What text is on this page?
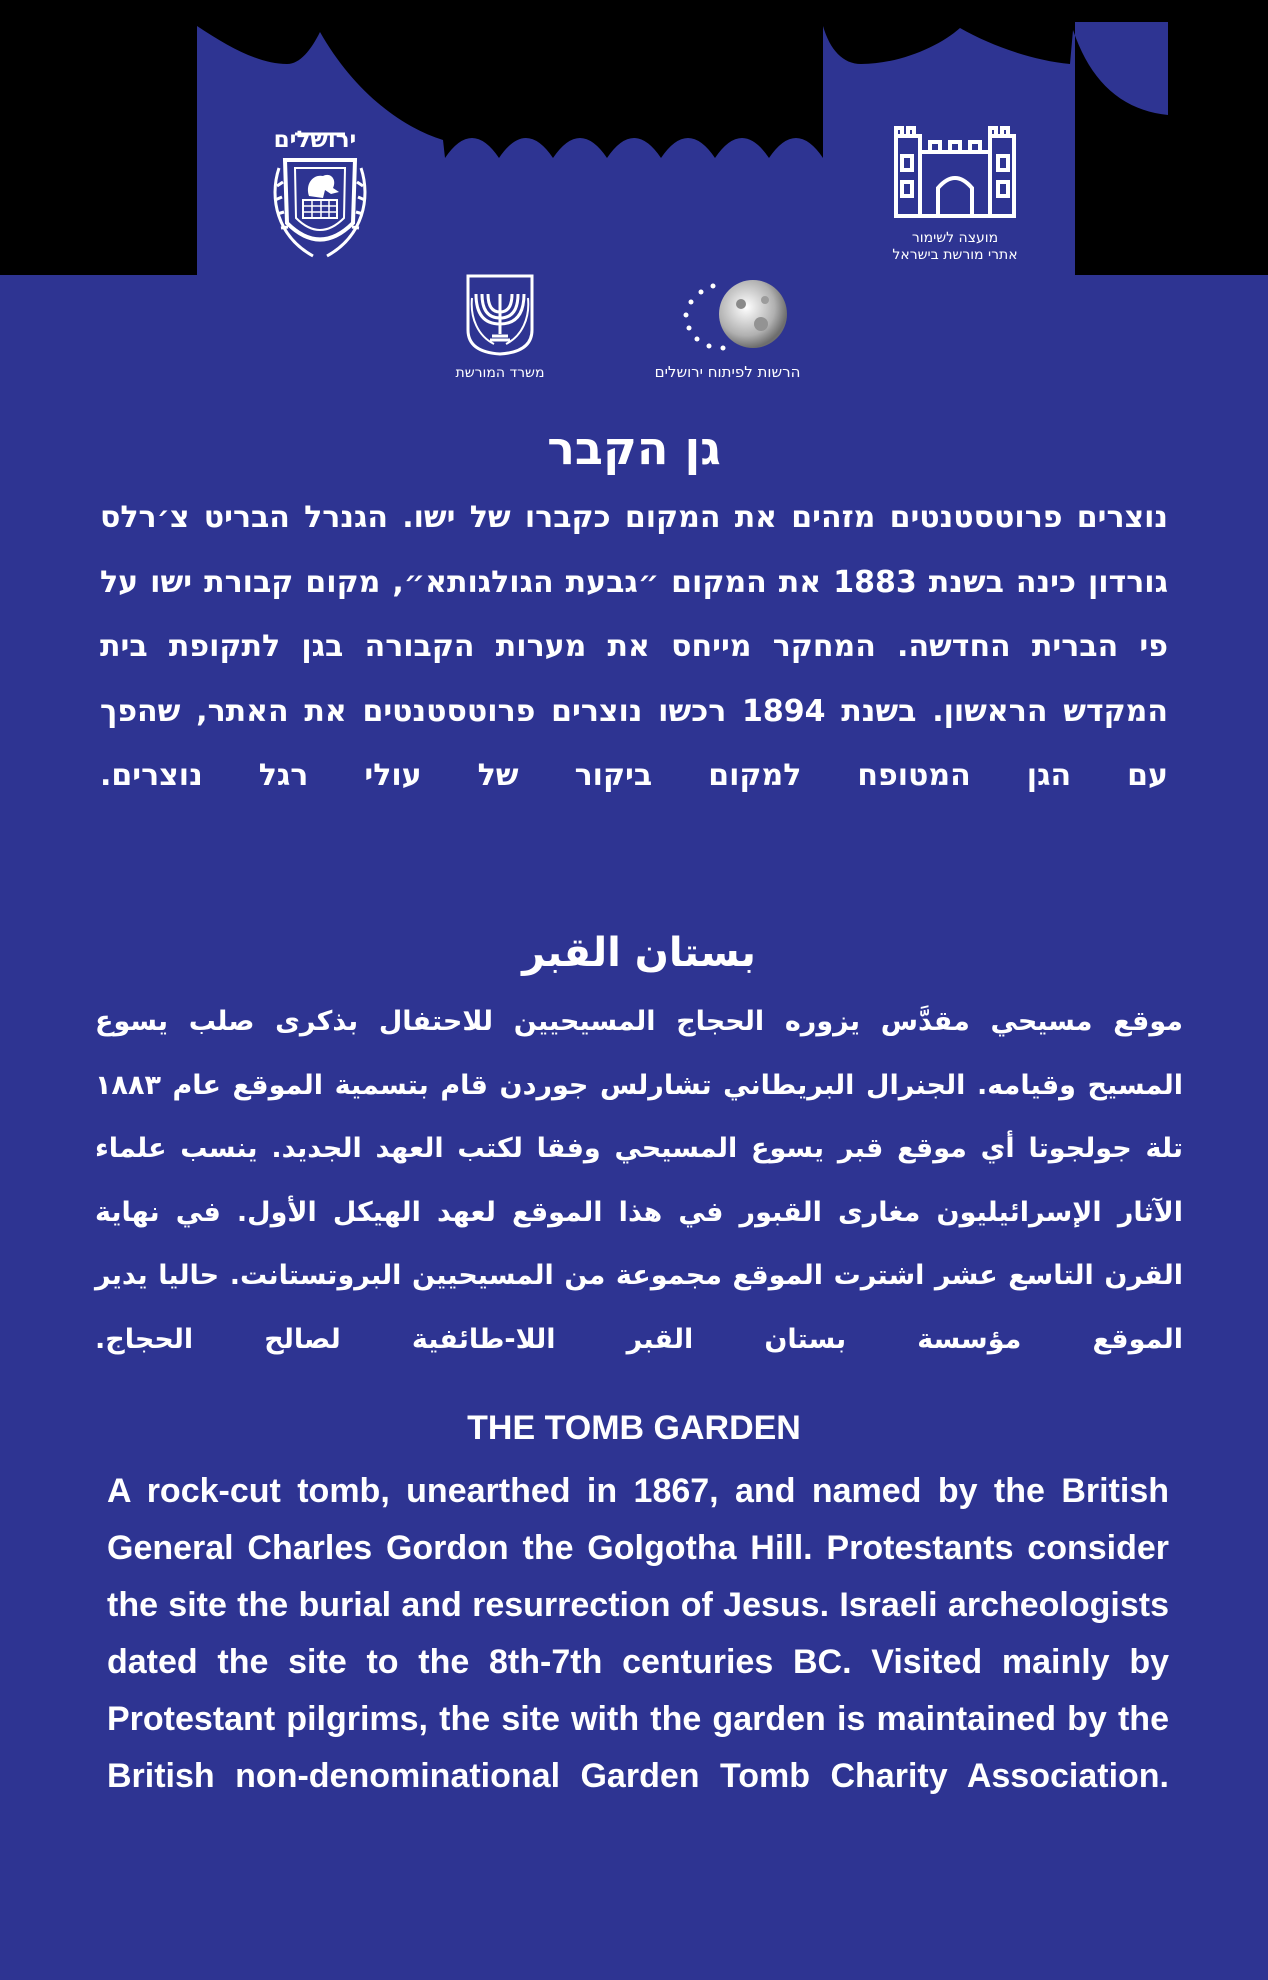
ירושלים
מועצה לשימור
אתרי מורשת בישראל
משרד המורשת	הרשות לפיתוח ירושלים
גן הקבר
נוצרים פרוטסטנטים מזהים את המקום כקברו של ישו. הגנרל הבריט צ׳רלס גורדון כינה בשנת 1883 את המקום ״גבעת הגולגותא״, מקום קבורת ישו על פי הברית החדשה. המחקר מייחס את מערות הקבורה בגן לתקופת בית המקדש הראשון. בשנת 1894 רכשו נוצרים פרוטסטנטים את האתר, שהפך עם הגן המטופח למקום ביקור של עולי רגל נוצרים.
بستان القبر
موقع مسيحي مقدَّس يزوره الحجاج المسيحيين للاحتفال بذكرى صلب يسوع المسيح وقيامه. الجنرال البريطاني تشارلس جوردن قام بتسمية الموقع عام ١٨٨٣ تلة جولجوتا أي موقع قبر يسوع المسيحي وفقا لكتب العهد الجديد. ينسب علماء الآثار الإسرائيليون مغارى القبور في هذا الموقع لعهد الهيكل الأول. في نهاية القرن التاسع عشر اشترت الموقع مجموعة من المسيحيين البروتستانت. حاليا يدير الموقع مؤسسة بستان القبر اللا-طائفية لصالح الحجاج.
THE TOMB GARDEN
A rock-cut tomb, unearthed in 1867, and named by the British General Charles Gordon the Golgotha Hill. Protestants consider the site the burial and resurrection of Jesus. Israeli archeologists dated the site to the 8th-7th centuries BC. Visited mainly by Protestant pilgrims, the site with the garden is maintained by the British non-denominational Garden Tomb Charity Association.
